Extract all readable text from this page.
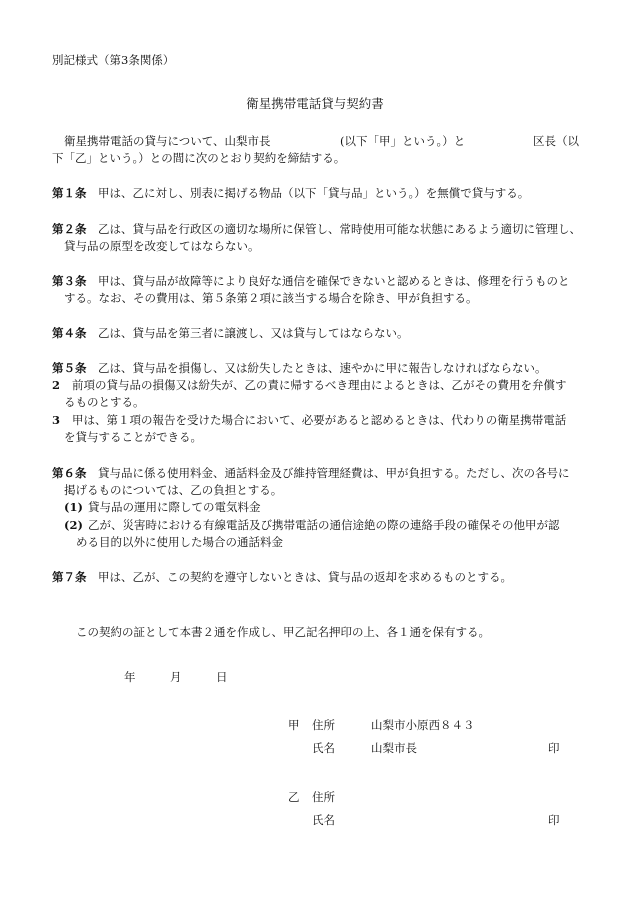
別記様式（第3条関係）
衛星携帯電話貸与契約書
衛星携帯電話の貸与について、山梨市長	(以下「甲」という。）と	区長（以
下「乙」という。）との間に次のとおり契約を締結する。
第１条 甲は、乙に対し、別表に掲げる物品（以下「貸与品」という。）を無償で貸与する。
第２条 乙は、貸与品を行政区の適切な場所に保管し、常時使用可能な状態にあるよう適切に管理し、
貸与品の原型を改変してはならない。
第３条 甲は、貸与品が故障等により良好な通信を確保できないと認めるときは、修理を行うものと
する。なお、その費用は、第５条第２項に該当する場合を除き、甲が負担する。
第４条 乙は、貸与品を第三者に譲渡し、又は貸与してはならない。
第５条 乙は、貸与品を損傷し、又は紛失したときは、速やかに甲に報告しなければならない。
2 前項の貸与品の損傷又は紛失が、乙の責に帰するべき理由によるときは、乙がその費用を弁償す
るものとする。
3 甲は、第１項の報告を受けた場合において、必要があると認めるときは、代わりの衛星携帯電話
を貸与することができる。
第６条 貸与品に係る使用料金、通話料金及び維持管理経費は、甲が負担する。ただし、次の各号に
掲げるものについては、乙の負担とする。
(1) 貸与品の運用に際しての電気料金
(2) 乙が、災害時における有線電話及び携帯電話の通信途絶の際の連絡手段の確保その他甲が認
める目的以外に使用した場合の通話料金
第７条 甲は、乙が、この契約を遵守しないときは、貸与品の返却を求めるものとする。
この契約の証として本書２通を作成し、甲乙記名押印の上、各１通を保有する。
年	月	日
甲 住所	山梨市小原西８４３
氏名	山梨市長	印
乙 住所
氏名	印
